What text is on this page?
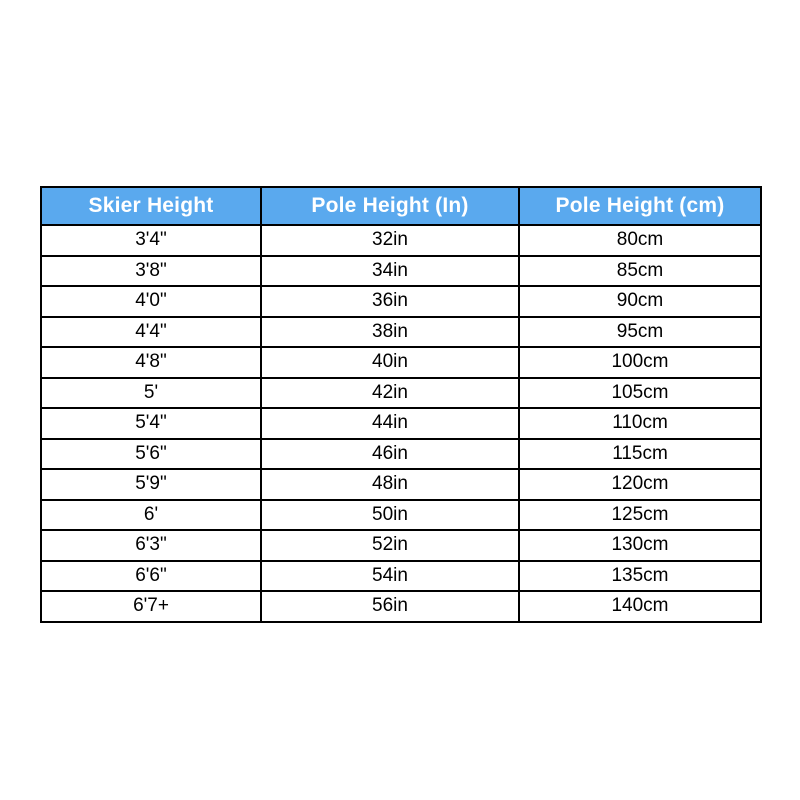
Skier Height	Pole Height (In)	Pole Height (cm)
3'4"	32in	80cm
3'8"	34in	85cm
4'0"	36in	90cm
4'4"	38in	95cm
4'8"	40in	100cm
5'	42in	105cm
5'4"	44in	110cm
5'6"	46in	115cm
5'9"	48in	120cm
6'	50in	125cm
6'3"	52in	130cm
6'6"	54in	135cm
6'7+	56in	140cm
